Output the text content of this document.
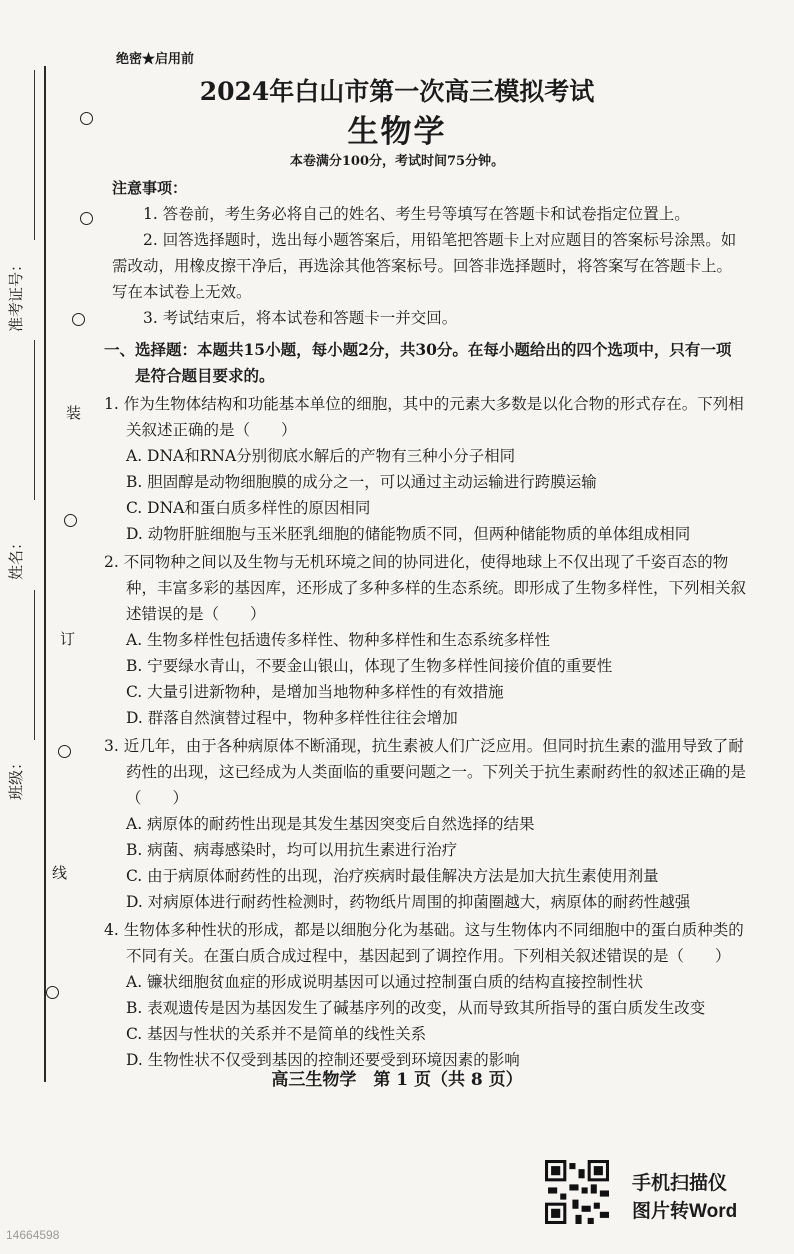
装
订
线
准考证号：
姓名：
班级：
绝密★启用前
2024年白山市第一次高三模拟考试
生物学
本卷满分100分，考试时间75分钟。
注意事项：
1. 答卷前，考生务必将自己的姓名、考生号等填写在答题卡和试卷指定位置上。
2. 回答选择题时，选出每小题答案后，用铅笔把答题卡上对应题目的答案标号涂黑。如需改动，用橡皮擦干净后，再选涂其他答案标号。回答非选择题时，将答案写在答题卡上。写在本试卷上无效。
3. 考试结束后，将本试卷和答题卡一并交回。
一、选择题：本题共15小题，每小题2分，共30分。在每小题给出的四个选项中，只有一项是符合题目要求的。
1. 作为生物体结构和功能基本单位的细胞，其中的元素大多数是以化合物的形式存在。下列相关叙述正确的是（　　）
A. DNA和RNA分别彻底水解后的产物有三种小分子相同
B. 胆固醇是动物细胞膜的成分之一，可以通过主动运输进行跨膜运输
C. DNA和蛋白质多样性的原因相同
D. 动物肝脏细胞与玉米胚乳细胞的储能物质不同，但两种储能物质的单体组成相同
2. 不同物种之间以及生物与无机环境之间的协同进化，使得地球上不仅出现了千姿百态的物种，丰富多彩的基因库，还形成了多种多样的生态系统。即形成了生物多样性，下列相关叙述错误的是（　　）
A. 生物多样性包括遗传多样性、物种多样性和生态系统多样性
B. 宁要绿水青山，不要金山银山，体现了生物多样性间接价值的重要性
C. 大量引进新物种，是增加当地物种多样性的有效措施
D. 群落自然演替过程中，物种多样性往往会增加
3. 近几年，由于各种病原体不断涌现，抗生素被人们广泛应用。但同时抗生素的滥用导致了耐药性的出现，这已经成为人类面临的重要问题之一。下列关于抗生素耐药性的叙述正确的是（　　）
A. 病原体的耐药性出现是其发生基因突变后自然选择的结果
B. 病菌、病毒感染时，均可以用抗生素进行治疗
C. 由于病原体耐药性的出现，治疗疾病时最佳解决方法是加大抗生素使用剂量
D. 对病原体进行耐药性检测时，药物纸片周围的抑菌圈越大，病原体的耐药性越强
4. 生物体多种性状的形成，都是以细胞分化为基础。这与生物体内不同细胞中的蛋白质种类的不同有关。在蛋白质合成过程中，基因起到了调控作用。下列相关叙述错误的是（　　）
A. 镰状细胞贫血症的形成说明基因可以通过控制蛋白质的结构直接控制性状
B. 表观遗传是因为基因发生了碱基序列的改变，从而导致其所指导的蛋白质发生改变
C. 基因与性状的关系并不是简单的线性关系
D. 生物性状不仅受到基因的控制还要受到环境因素的影响
高三生物学　第 1 页（共 8 页）
手机扫描仪
图片转Word
14664598
